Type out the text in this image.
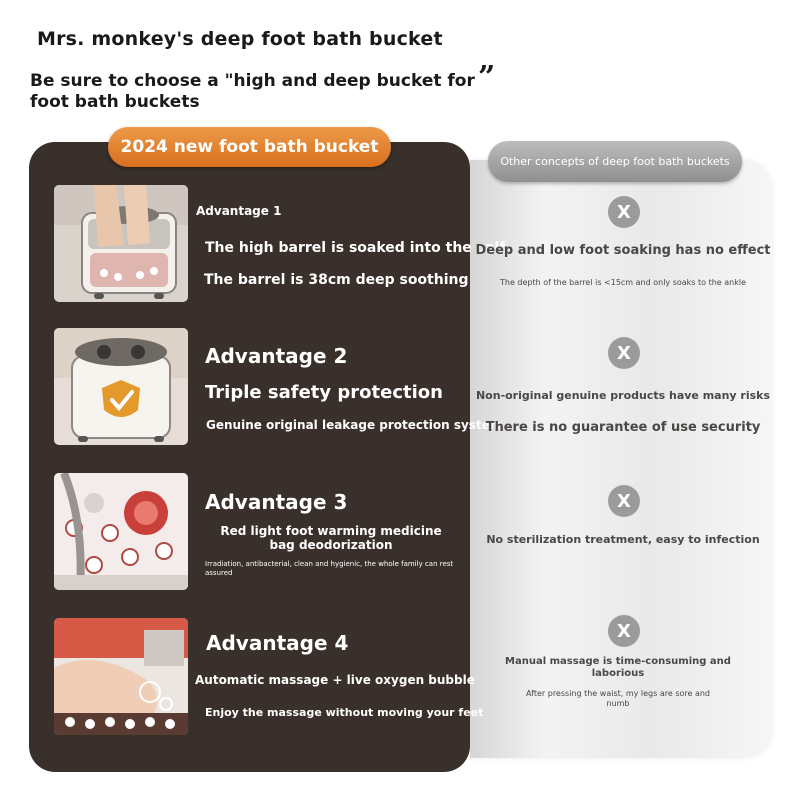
Mrs. monkey's deep foot bath bucket
Be sure to choose a "high and deep bucket for foot bath buckets
”
2024 new foot bath bucket
Other concepts of deep foot bath buckets
Advantage 1
The high barrel is soaked into the calf
The barrel is 38cm deep soothing
Advantage 2
Triple safety protection
Genuine original leakage protection system
Advantage 3
Red light foot warming medicine bag deodorization
Irradiation, antibacterial, clean and hygienic, the whole family can rest assured
Advantage 4
Automatic massage + live oxygen bubble
Enjoy the massage without moving your feet
X
Deep and low foot soaking has no effect
The depth of the barrel is <15cm and only soaks to the ankle
X
Non-original genuine products have many risks
There is no guarantee of use security
X
No sterilization treatment, easy to infection
X
Manual massage is time-consuming and laborious
After pressing the waist, my legs are sore and numb
